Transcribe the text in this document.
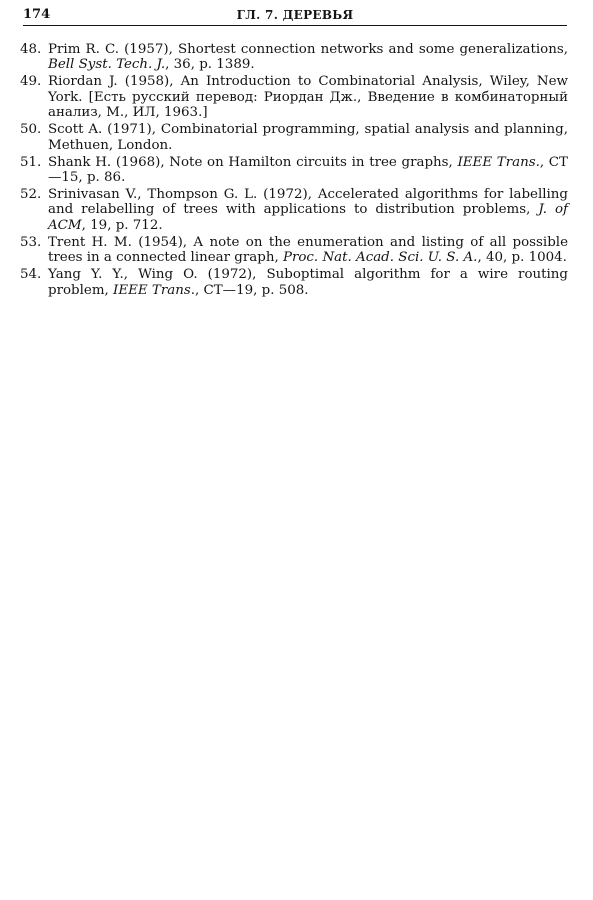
174	ГЛ. 7. ДЕРЕВЬЯ
48. Prim R. C. (1957), Shortest connection networks and some generalizations, Bell Syst. Tech. J., 36, p. 1389.
49. Riordan J. (1958), An Introduction to Combinatorial Analysis, Wiley, New York. [Есть русский перевод: Риордан Дж., Введение в комбинаторный анализ, М., ИЛ, 1963.]
50. Scott A. (1971), Combinatorial programming, spatial analysis and planning, Methuen, London.
51. Shank H. (1968), Note on Hamilton circuits in tree graphs, IEEE Trans., CT—15, p. 86.
52. Srinivasan V., Thompson G. L. (1972), Accelerated algorithms for labelling and relabelling of trees with applications to distribution problems, J. of ACM, 19, p. 712.
53. Trent H. M. (1954), A note on the enumeration and listing of all possible trees in a connected linear graph, Proc. Nat. Acad. Sci. U. S. A., 40, p. 1004.
54. Yang Y. Y., Wing O. (1972), Suboptimal algorithm for a wire routing problem, IEEE Trans., CT—19, p. 508.
